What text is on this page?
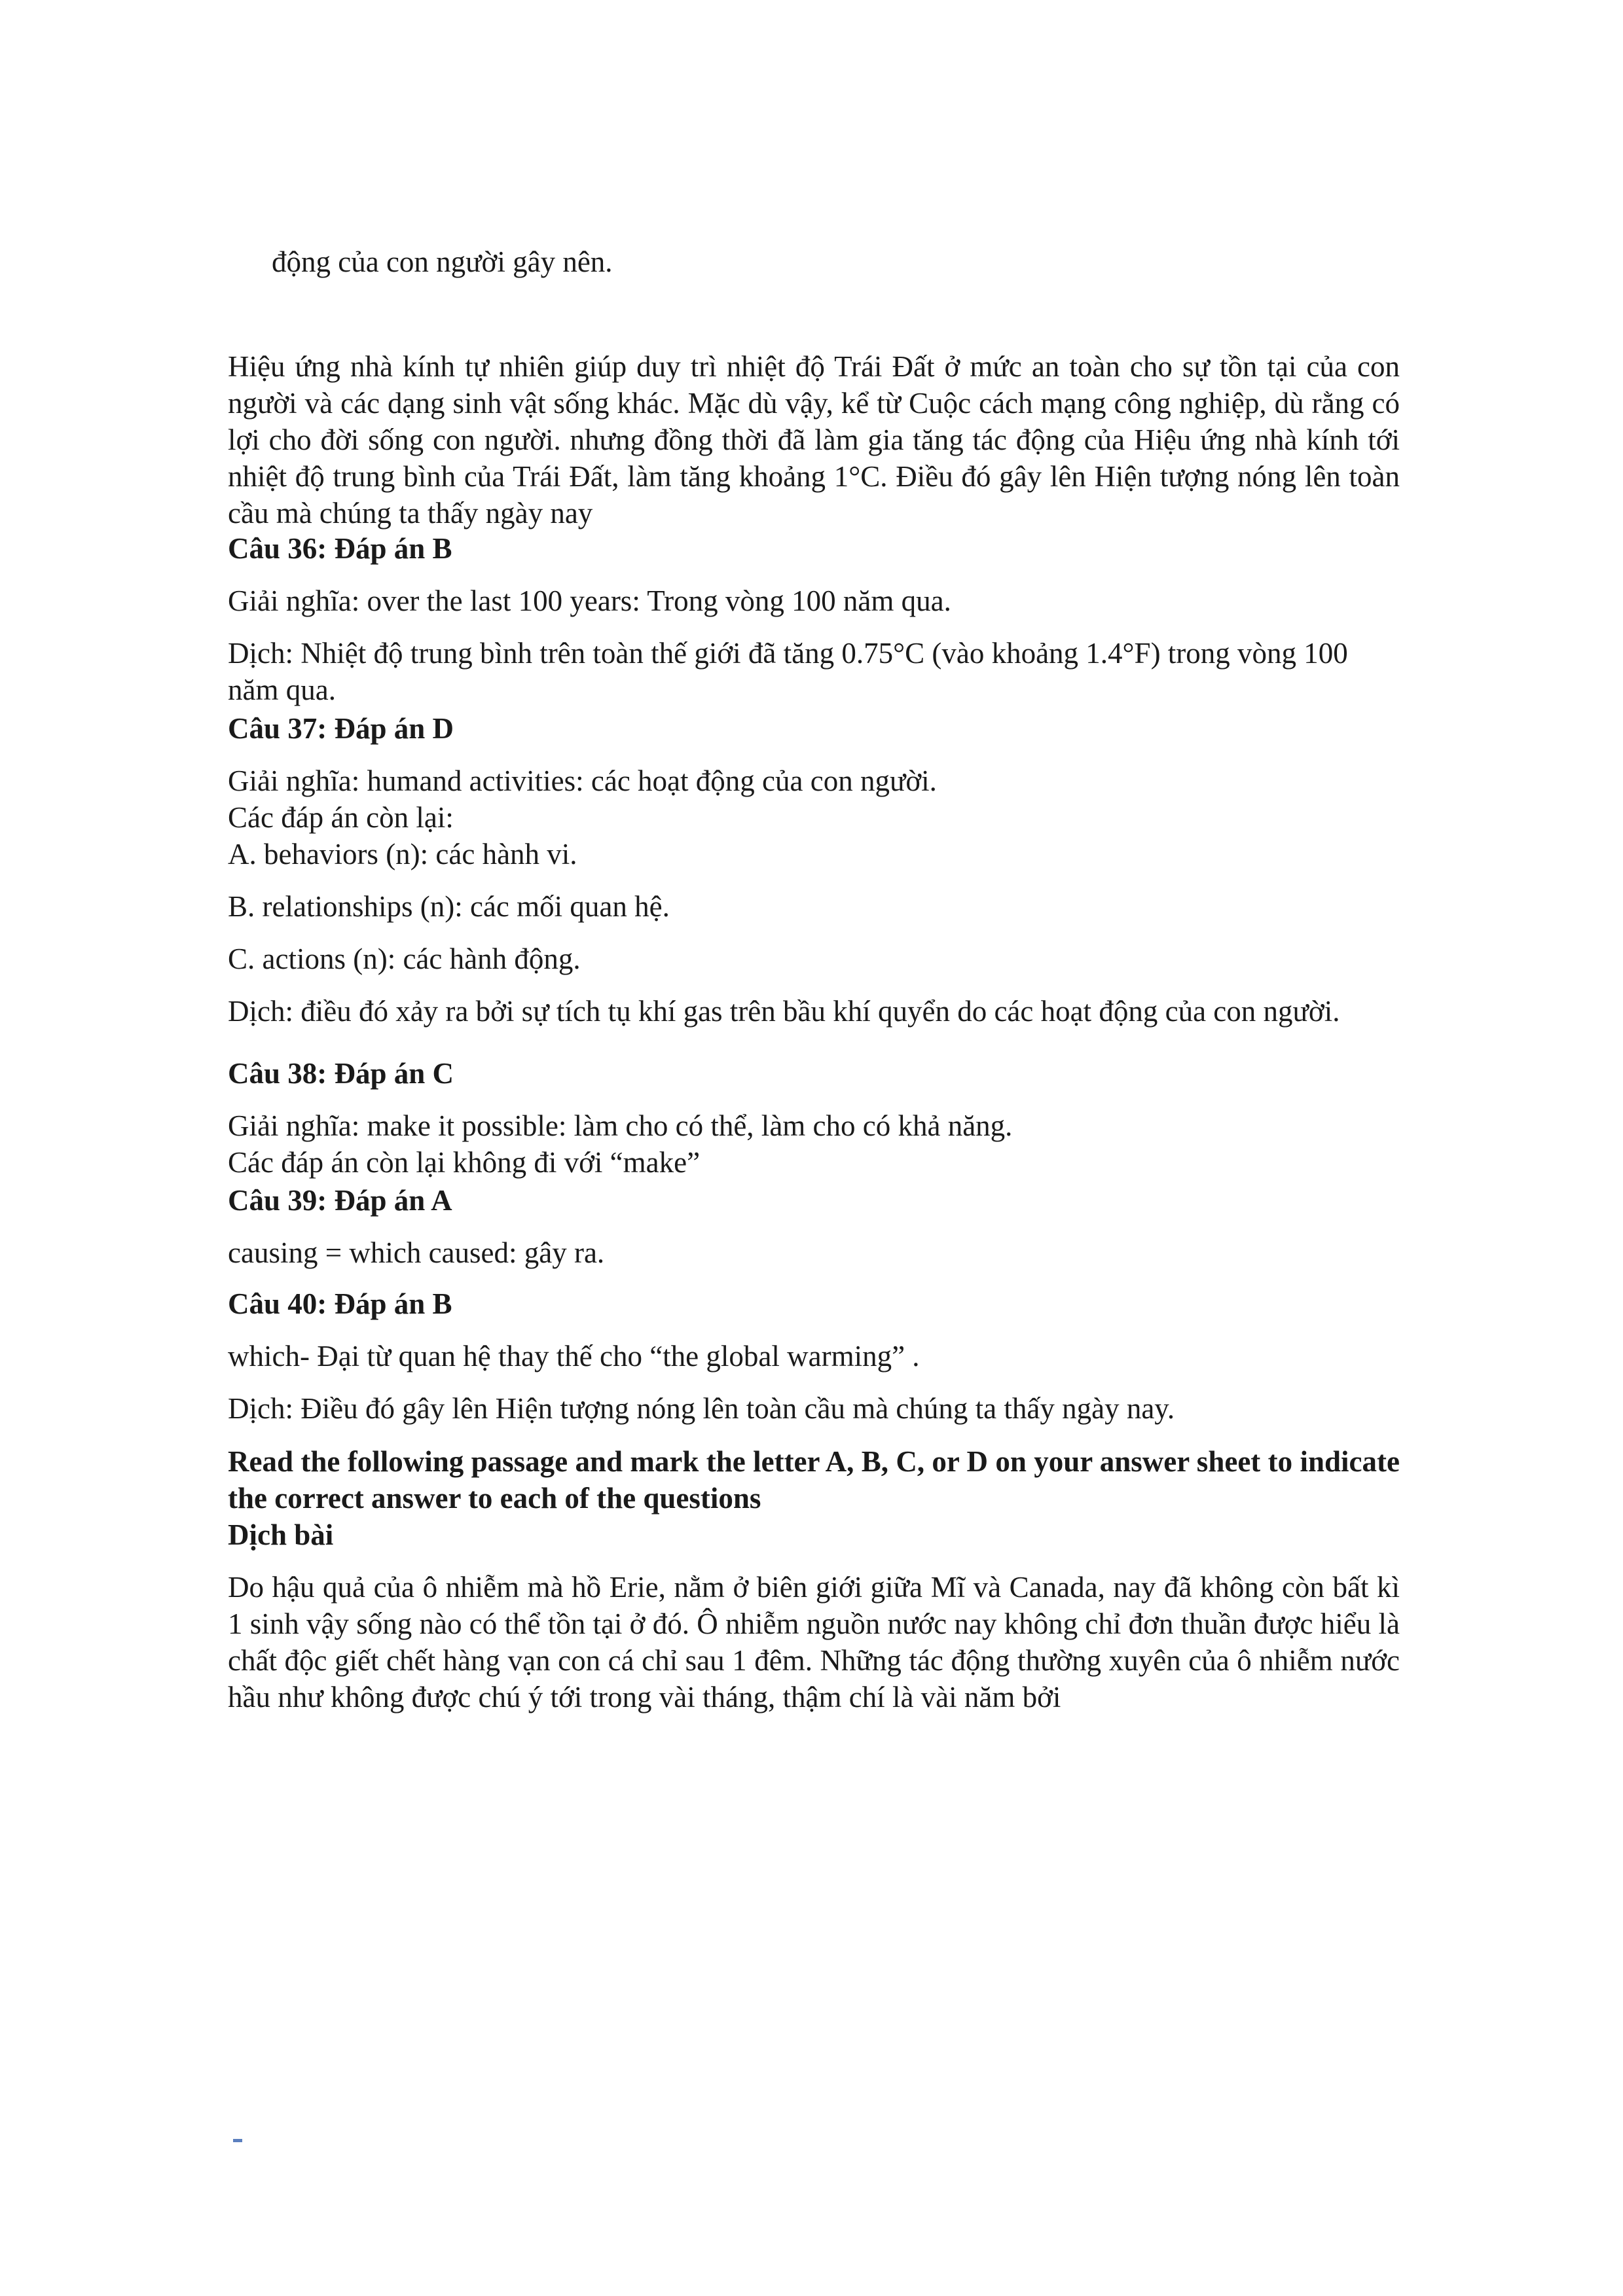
động của con người gây nên.

Hiệu ứng nhà kính tự nhiên giúp duy trì nhiệt độ Trái Đất ở mức an toàn cho sự tồn tại của con người và các dạng sinh vật sống khác. Mặc dù vậy, kể từ Cuộc cách mạng công nghiệp, dù rằng có lợi cho đời sống con người. nhưng đồng thời đã làm gia tăng tác động của Hiệu ứng nhà kính tới nhiệt độ trung bình của Trái Đất, làm tăng khoảng 1°C. Điều đó gây lên Hiện tượng nóng lên toàn cầu mà chúng ta thấy ngày nay

Câu 36: Đáp án B

Giải nghĩa: over the last 100 years: Trong vòng 100 năm qua.

Dịch: Nhiệt độ trung bình trên toàn thế giới đã tăng 0.75°C (vào khoảng 1.4°F) trong vòng 100 năm qua.

Câu 37: Đáp án D

Giải nghĩa: humand activities: các hoạt động của con người.

Các đáp án còn lại:

A. behaviors (n): các hành vi.

B. relationships (n): các mối quan hệ.

C. actions (n): các hành động.

Dịch: điều đó xảy ra bởi sự tích tụ khí gas trên bầu khí quyển do các hoạt động của con người.

Câu 38: Đáp án C

Giải nghĩa: make it possible: làm cho có thể, làm cho có khả năng.

Các đáp án còn lại không đi với “make”

Câu 39: Đáp án A

causing = which caused: gây ra.

Câu 40: Đáp án B

which- Đại từ quan hệ thay thế cho “the global warming” .

Dịch: Điều đó gây lên Hiện tượng nóng lên toàn cầu mà chúng ta thấy ngày nay.

Read the following passage and mark the letter A, B, C, or D on your answer sheet to indicate the correct answer to each of the questions

Dịch bài

Do hậu quả của ô nhiễm mà hồ Erie, nằm ở biên giới giữa Mĩ và Canada, nay đã không còn bất kì 1 sinh vậy sống nào có thể tồn tại ở đó. Ô nhiễm nguồn nước nay không chỉ đơn thuần được hiểu là chất độc giết chết hàng vạn con cá chỉ sau 1 đêm. Những tác động thường xuyên của ô nhiễm nước hầu như không được chú ý tới trong vài tháng, thậm chí là vài năm bởi
